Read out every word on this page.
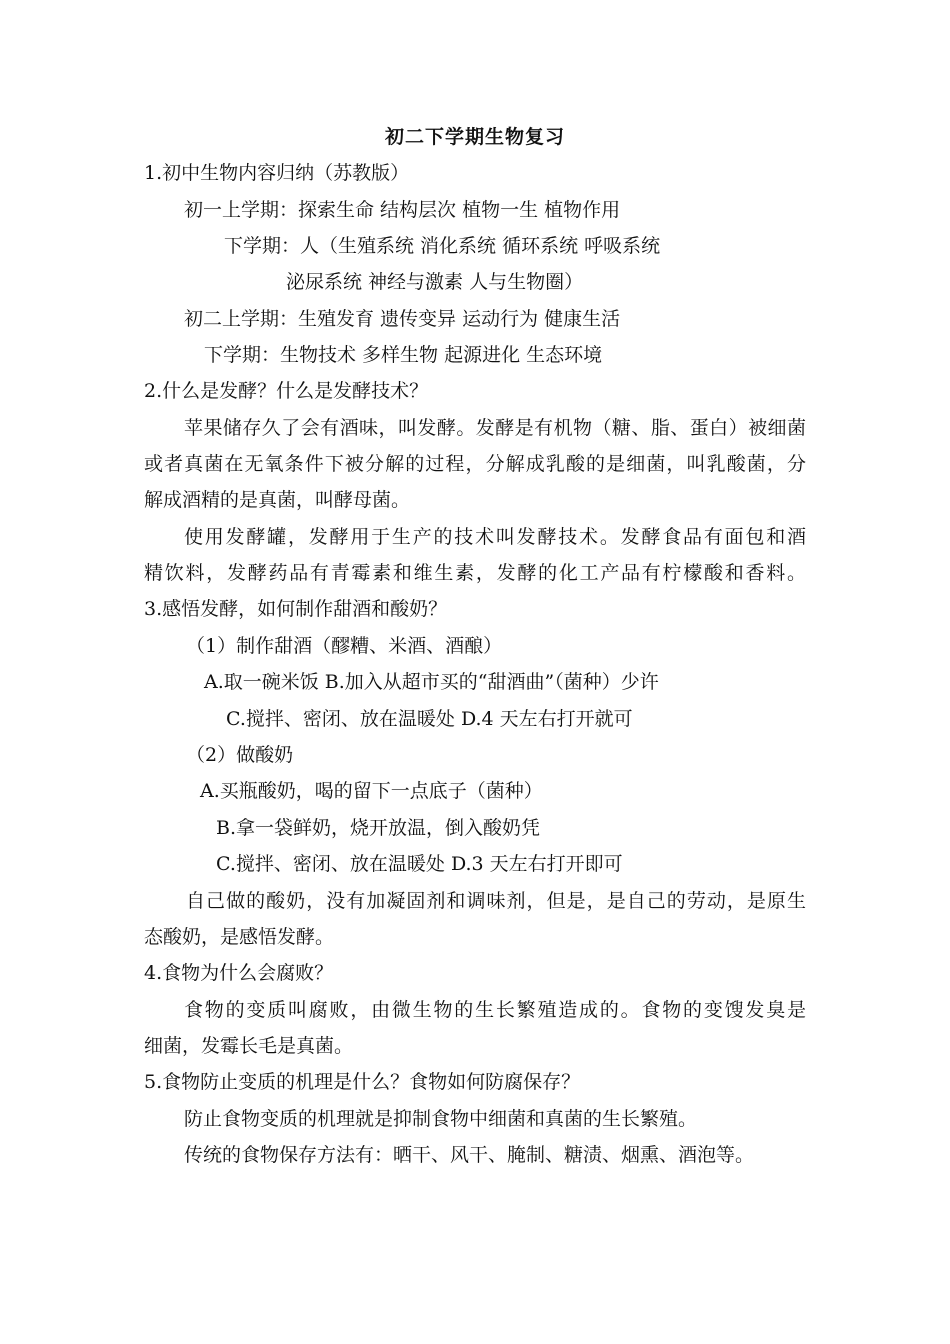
初二下学期生物复习
1.初中生物内容归纳（苏教版）
初一上学期：探索生命 结构层次 植物一生 植物作用
下学期：人（生殖系统 消化系统 循环系统 呼吸系统
泌尿系统 神经与激素 人与生物圈）
初二上学期：生殖发育 遗传变异 运动行为 健康生活
下学期：生物技术 多样生物 起源进化 生态环境
2.什么是发酵？什么是发酵技术？
苹果储存久了会有酒味，叫发酵。发酵是有机物（糖、脂、蛋白）被细菌
或者真菌在无氧条件下被分解的过程，分解成乳酸的是细菌，叫乳酸菌，分
解成酒精的是真菌，叫酵母菌。
使用发酵罐，发酵用于生产的技术叫发酵技术。发酵食品有面包和酒
精饮料，发酵药品有青霉素和维生素，发酵的化工产品有柠檬酸和香料。
3.感悟发酵，如何制作甜酒和酸奶？
（1）制作甜酒（醪糟、米酒、酒酿）
A.取一碗米饭 B.加入从超市买的“甜酒曲”（菌种）少许
C.搅拌、密闭、放在温暖处 D.4 天左右打开就可
（2）做酸奶
A.买瓶酸奶，喝的留下一点底子（菌种）
B.拿一袋鲜奶，烧开放温，倒入酸奶凭
C.搅拌、密闭、放在温暖处 D.3 天左右打开即可
自己做的酸奶，没有加凝固剂和调味剂，但是，是自己的劳动，是原生
态酸奶，是感悟发酵。
4.食物为什么会腐败？
食物的变质叫腐败，由微生物的生长繁殖造成的。食物的变馊发臭是
细菌，发霉长毛是真菌。
5.食物防止变质的机理是什么？食物如何防腐保存？
防止食物变质的机理就是抑制食物中细菌和真菌的生长繁殖。
传统的食物保存方法有：晒干、风干、腌制、糖渍、烟熏、酒泡等。
